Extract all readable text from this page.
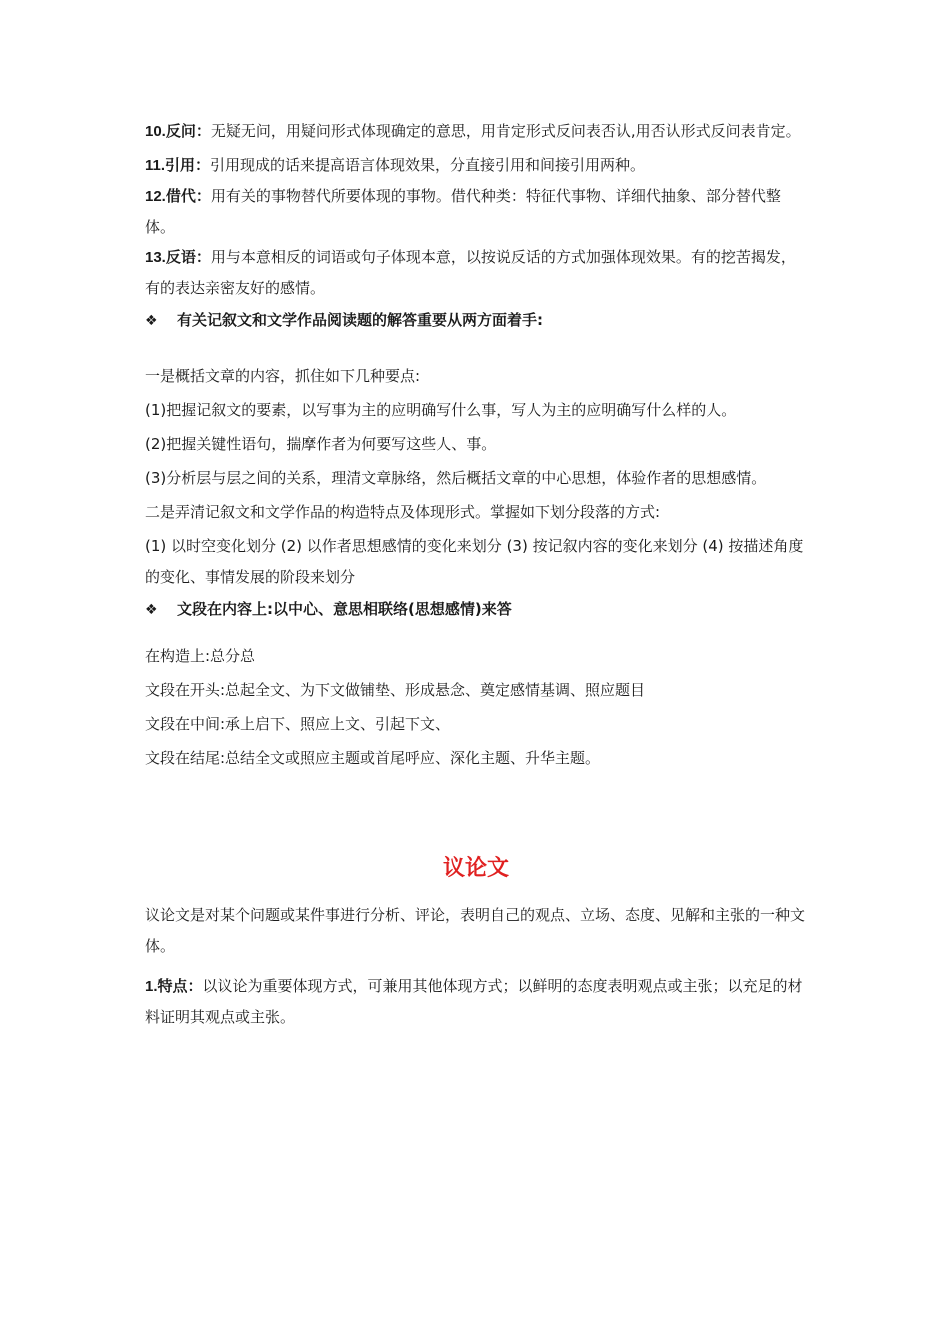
10.反问：无疑无问，用疑问形式体现确定的意思，用肯定形式反问表否认,用否认形式反问表肯定。

11.引用：引用现成的话来提高语言体现效果，分直接引用和间接引用两种。

12.借代：用有关的事物替代所要体现的事物。借代种类：特征代事物、详细代抽象、部分替代整体。

13.反语：用与本意相反的词语或句子体现本意，以按说反话的方式加强体现效果。有的挖苦揭发，有的表达亲密友好的感情。

❖ 有关记叙文和文学作品阅读题的解答重要从两方面着手:

一是概括文章的内容，抓住如下几种要点:

(1)把握记叙文的要素，以写事为主的应明确写什么事，写人为主的应明确写什么样的人。

(2)把握关键性语句，揣摩作者为何要写这些人、事。

(3)分析层与层之间的关系，理清文章脉络，然后概括文章的中心思想，体验作者的思想感情。

二是弄清记叙文和文学作品的构造特点及体现形式。掌握如下划分段落的方式:

(1) 以时空变化划分 (2) 以作者思想感情的变化来划分 (3) 按记叙内容的变化来划分 (4) 按描述角度的变化、事情发展的阶段来划分

❖ 文段在内容上:以中心、意思相联络(思想感情)来答

在构造上:总分总

文段在开头:总起全文、为下文做铺垫、形成悬念、奠定感情基调、照应题目

文段在中间:承上启下、照应上文、引起下文、

文段在结尾:总结全文或照应主题或首尾呼应、深化主题、升华主题。

议论文

议论文是对某个问题或某件事进行分析、评论，表明自己的观点、立场、态度、见解和主张的一种文体。

1.特点：以议论为重要体现方式，可兼用其他体现方式；以鲜明的态度表明观点或主张；以充足的材料证明其观点或主张。
